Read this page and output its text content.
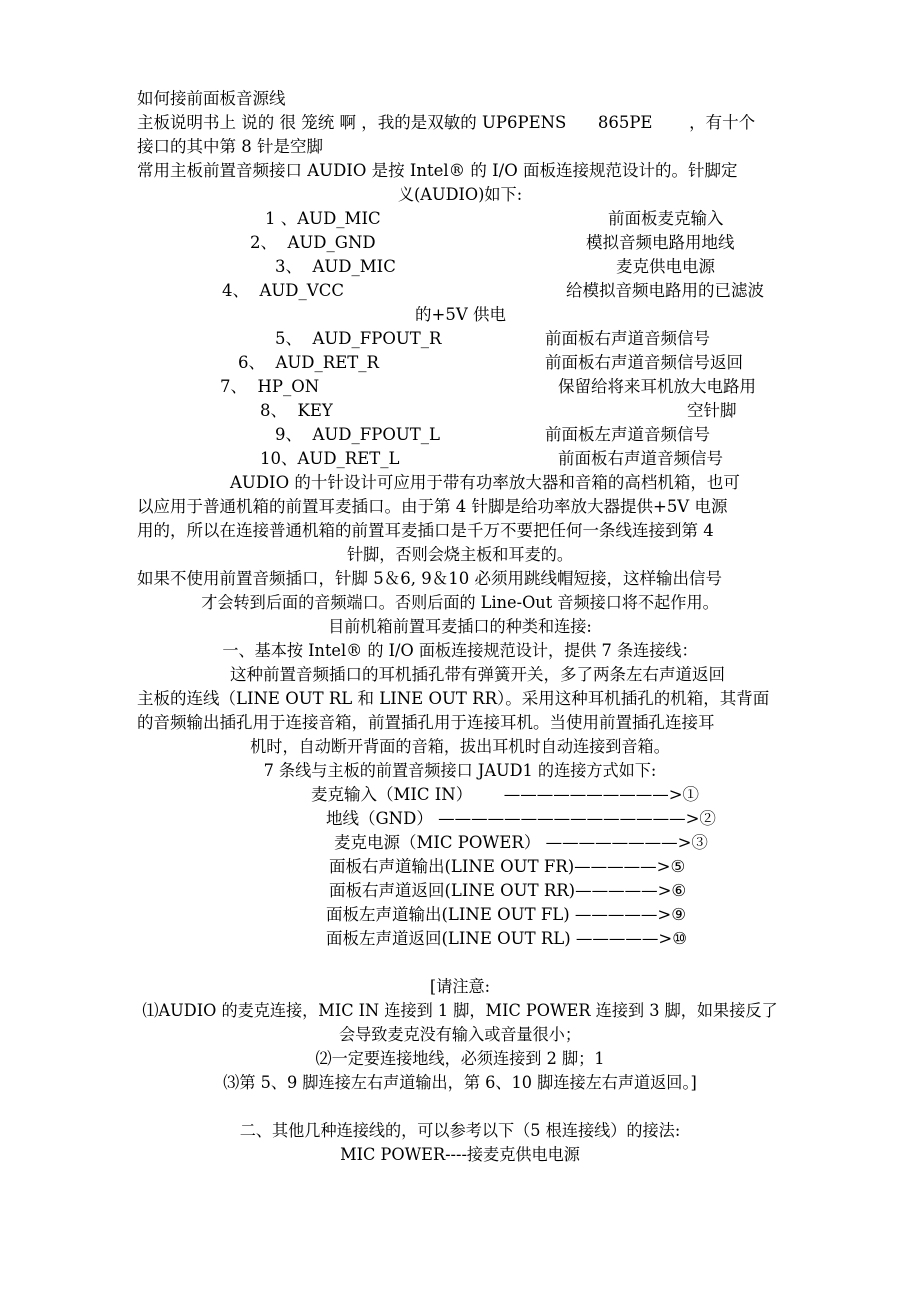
如何接前面板音源线
主板说明书上 说的 很 笼统 啊 ，我的是双敏的 UP6PENS      865PE       ，有十个
接口的其中第 8 针是空脚
常用主板前置音频接口 AUDIO 是按 Intel® 的 I/O 面板连接规范设计的。针脚定
义(AUDIO)如下:
1 、AUD_MIC	前面板麦克输入
2、  AUD_GND	模拟音频电路用地线
3、  AUD_MIC	麦克供电电源
4、  AUD_VCC	给模拟音频电路用的已滤波
的+5V 供电
5、  AUD_FPOUT_R	前面板右声道音频信号
6、  AUD_RET_R	前面板右声道音频信号返回
7、  HP_ON	保留给将来耳机放大电路用
8、  KEY	空针脚
9、  AUD_FPOUT_L	前面板左声道音频信号
10、AUD_RET_L	前面板右声道音频信号
AUDIO 的十针设计可应用于带有功率放大器和音箱的高档机箱，也可
以应用于普通机箱的前置耳麦插口。由于第 4 针脚是给功率放大器提供+5V 电源
用的，所以在连接普通机箱的前置耳麦插口是千万不要把任何一条线连接到第 4
针脚，否则会烧主板和耳麦的。
如果不使用前置音频插口，针脚 5＆6, 9＆10 必须用跳线帽短接，这样输出信号
才会转到后面的音频端口。否则后面的 Line-Out 音频接口将不起作用。
目前机箱前置耳麦插口的种类和连接:
一、基本按 Intel® 的 I/O 面板连接规范设计，提供 7 条连接线：
这种前置音频插口的耳机插孔带有弹簧开关，多了两条左右声道返回
主板的连线（LINE OUT RL 和 LINE OUT RR）。采用这种耳机插孔的机箱，其背面
的音频输出插孔用于连接音箱，前置插孔用于连接耳机。当使用前置插孔连接耳
机时，自动断开背面的音箱，拔出耳机时自动连接到音箱。
7 条线与主板的前置音频接口 JAUD1 的连接方式如下:
麦克输入（MIC IN）      ——————————>①
地线（GND） ———————————————>②
麦克电源（MIC POWER） ————————>③
面板右声道输出(LINE OUT FR)—————>⑤
面板右声道返回(LINE OUT RR)—————>⑥
面板左声道输出(LINE OUT FL) —————>⑨
面板左声道返回(LINE OUT RL) —————>⑩
[请注意:
⑴AUDIO 的麦克连接，MIC IN 连接到 1 脚，MIC POWER 连接到 3 脚，如果接反了
会导致麦克没有输入或音量很小；
⑵一定要连接地线，必须连接到 2 脚；1
⑶第 5、9 脚连接左右声道输出，第 6、10 脚连接左右声道返回。]
二、其他几种连接线的，可以参考以下（5 根连接线）的接法:
MIC POWER----接麦克供电电源
